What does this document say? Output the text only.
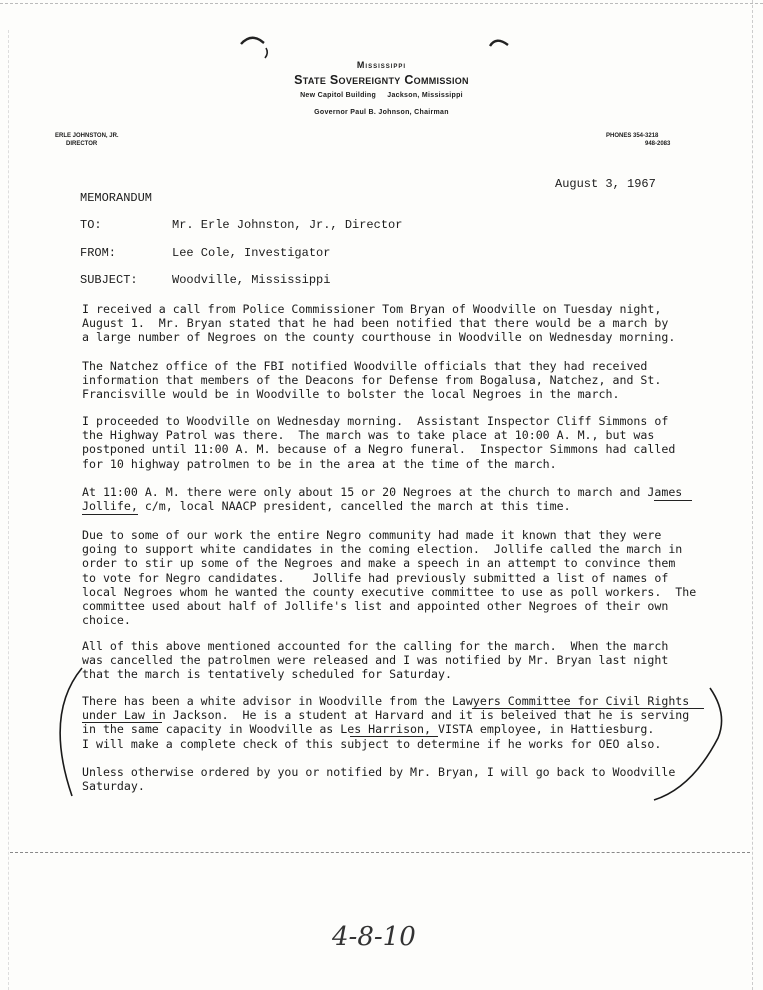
Mississippi
State Sovereignty Commission
New Capitol Building     Jackson, Mississippi
Governor Paul B. Johnson, Chairman
ERLE JOHNSTON, JR.
DIRECTOR
PHONES 354-3218
948-2083
August 3, 1967
MEMORANDUM
TO:	Mr. Erle Johnston, Jr., Director
FROM:	Lee Cole, Investigator
SUBJECT:	Woodville, Mississippi
I received a call from Police Commissioner Tom Bryan of Woodville on Tuesday night,
August 1.  Mr. Bryan stated that he had been notified that there would be a march by
a large number of Negroes on the county courthouse in Woodville on Wednesday morning.
The Natchez office of the FBI notified Woodville officials that they had received
information that members of the Deacons for Defense from Bogalusa, Natchez, and St.
Francisville would be in Woodville to bolster the local Negroes in the march.
I proceeded to Woodville on Wednesday morning.  Assistant Inspector Cliff Simmons of
the Highway Patrol was there.  The march was to take place at 10:00 A. M., but was
postponed until 11:00 A. M. because of a Negro funeral.  Inspector Simmons had called
for 10 highway patrolmen to be in the area at the time of the march.
At 11:00 A. M. there were only about 15 or 20 Negroes at the church to march and James
Jollife, c/m, local NAACP president, cancelled the march at this time.
Due to some of our work the entire Negro community had made it known that they were
going to support white candidates in the coming election.  Jollife called the march in
order to stir up some of the Negroes and make a speech in an attempt to convince them
to vote for Negro candidates.    Jollife had previously submitted a list of names of
local Negroes whom he wanted the county executive committee to use as poll workers.  The
committee used about half of Jollife's list and appointed other Negroes of their own
choice.
All of this above mentioned accounted for the calling for the march.  When the march
was cancelled the patrolmen were released and I was notified by Mr. Bryan last night
that the march is tentatively scheduled for Saturday.
There has been a white advisor in Woodville from the Lawyers Committee for Civil Rights
under Law in Jackson.  He is a student at Harvard and it is beleived that he is serving
in the same capacity in Woodville as Les Harrison, VISTA employee, in Hattiesburg.
I will make a complete check of this subject to determine if he works for OEO also.
Unless otherwise ordered by you or notified by Mr. Bryan, I will go back to Woodville
Saturday.
4-8-10
